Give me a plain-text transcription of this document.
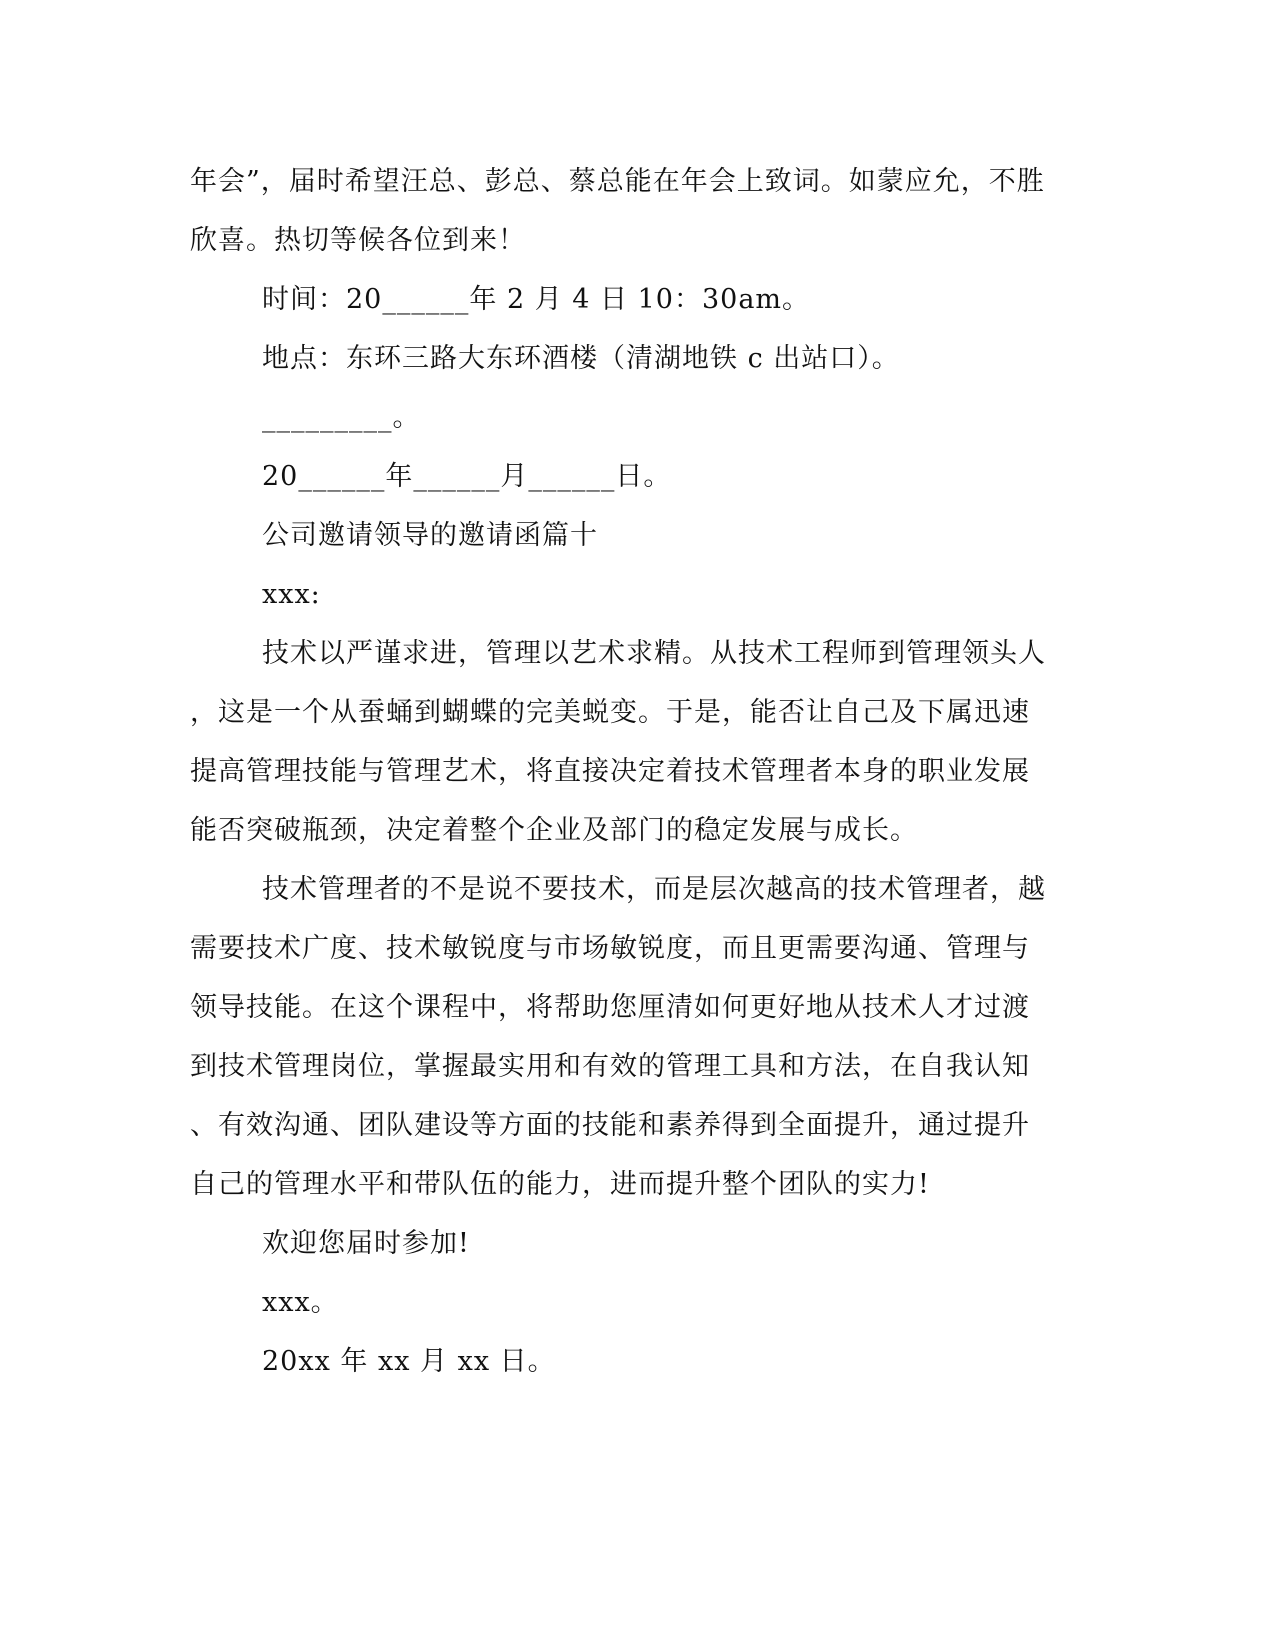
年会”，届时希望汪总、彭总、蔡总能在年会上致词。如蒙应允，不胜
欣喜。热切等候各位到来！
时间：20______年 2 月 4 日 10：30am。
地点：东环三路大东环酒楼（清湖地铁 c 出站口）。
_________。
20______年______月______日。
公司邀请领导的邀请函篇十
xxx:
技术以严谨求进，管理以艺术求精。从技术工程师到管理领头人
，这是一个从蚕蛹到蝴蝶的完美蜕变。于是，能否让自己及下属迅速
提高管理技能与管理艺术，将直接决定着技术管理者本身的职业发展
能否突破瓶颈，决定着整个企业及部门的稳定发展与成长。
技术管理者的不是说不要技术，而是层次越高的技术管理者，越
需要技术广度、技术敏锐度与市场敏锐度，而且更需要沟通、管理与
领导技能。在这个课程中，将帮助您厘清如何更好地从技术人才过渡
到技术管理岗位，掌握最实用和有效的管理工具和方法，在自我认知
、有效沟通、团队建设等方面的技能和素养得到全面提升，通过提升
自己的管理水平和带队伍的能力，进而提升整个团队的实力!
欢迎您届时参加!
xxx。
20xx 年 xx 月 xx 日。
